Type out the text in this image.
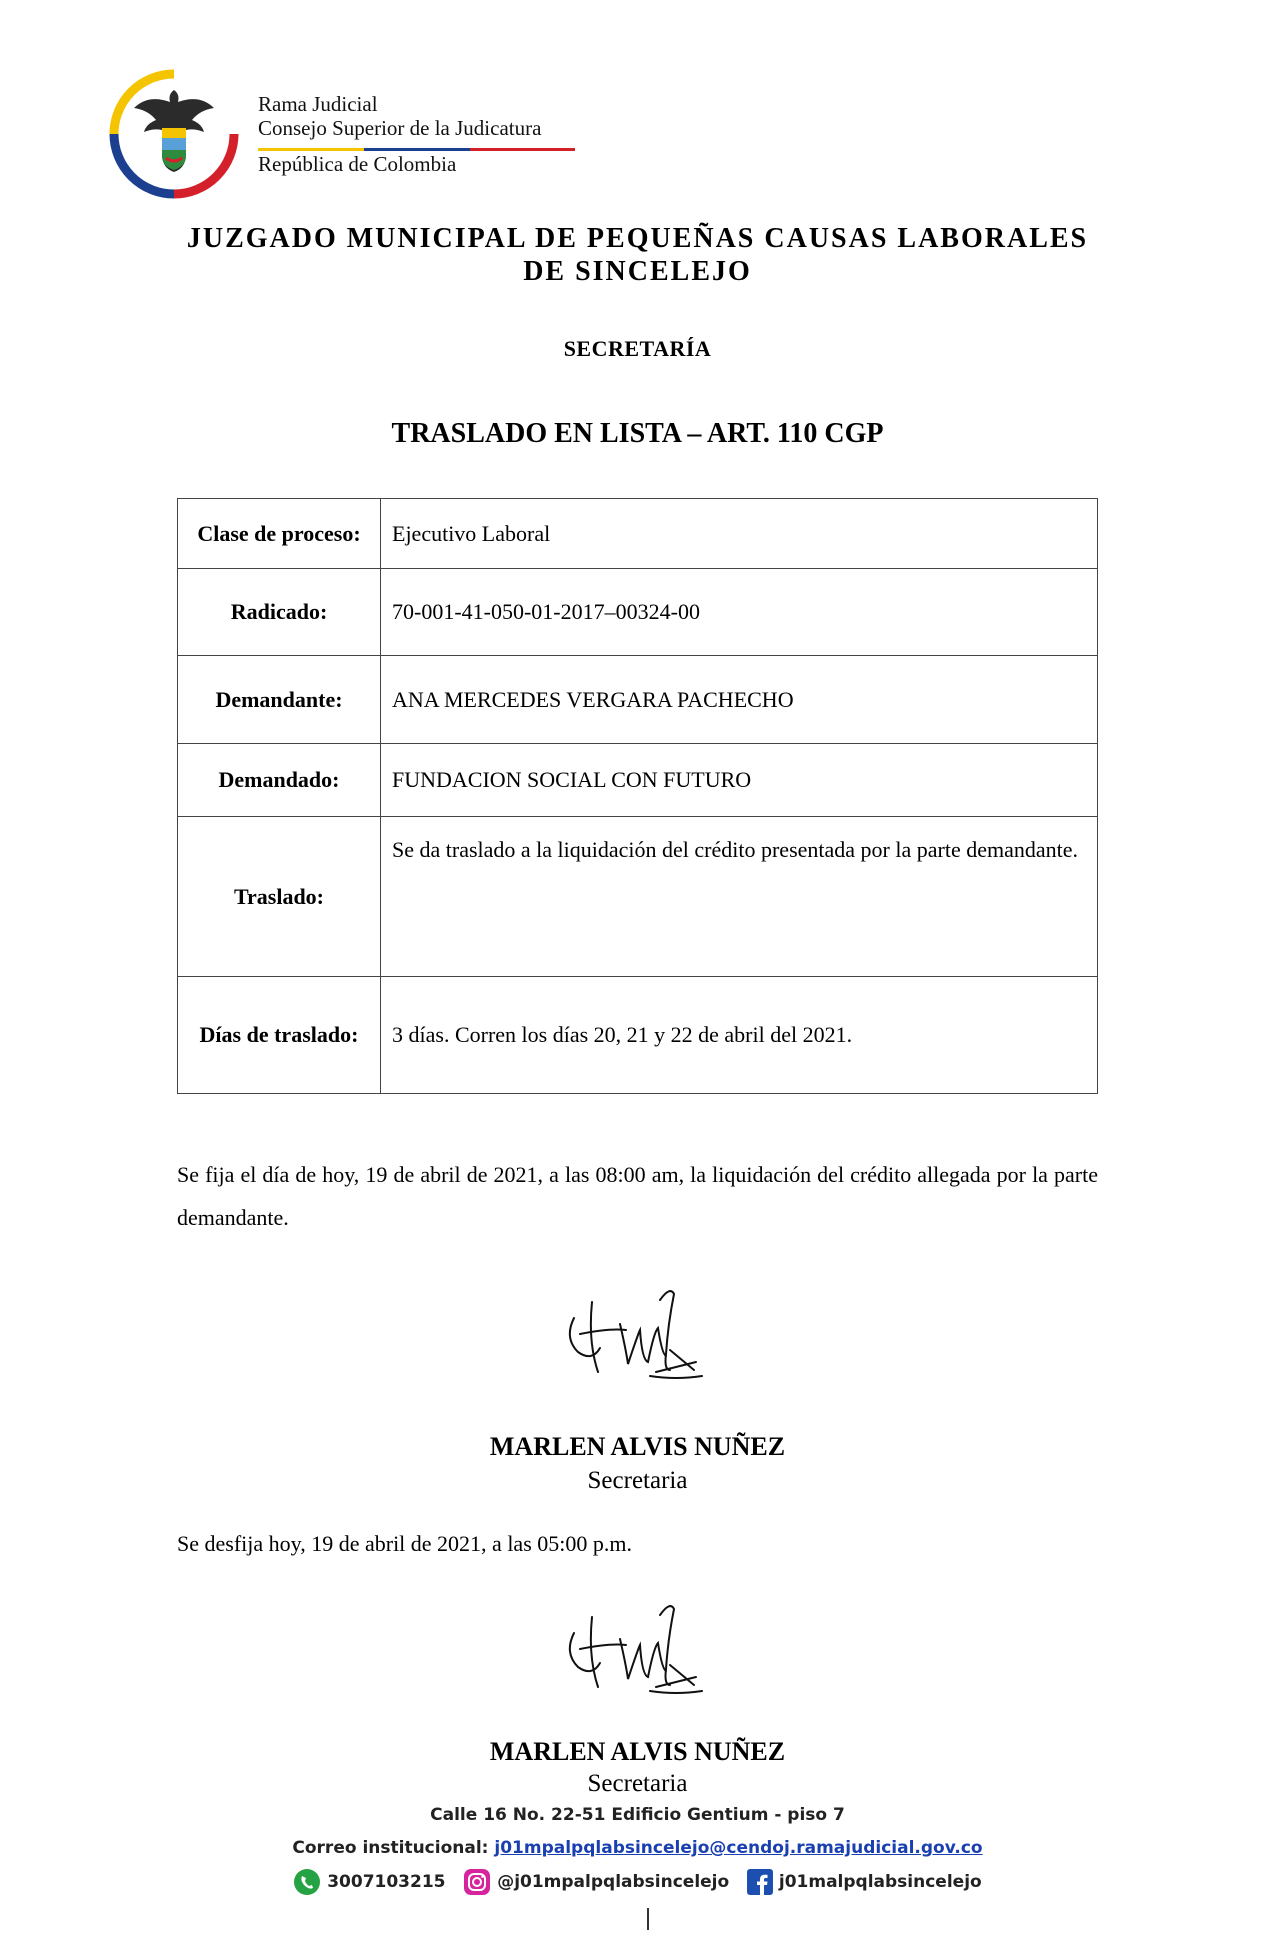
Rama Judicial
Consejo Superior de la Judicatura
República de Colombia
JUZGADO MUNICIPAL DE PEQUEÑAS CAUSAS LABORALES
DE SINCELEJO
SECRETARÍA
TRASLADO EN LISTA – ART. 110 CGP
Clase de proceso:	Ejecutivo Laboral
Radicado:	70-001-41-050-01-2017–00324-00
Demandante:	ANA MERCEDES VERGARA PACHECHO
Demandado:	FUNDACION SOCIAL CON FUTURO
Traslado:	Se da traslado a la liquidación del crédito presentada por la parte demandante.
Días de traslado:	3 días. Corren los días 20, 21 y 22 de abril del 2021.
Se fija el día de hoy, 19 de abril de 2021, a las 08:00 am, la liquidación del crédito allegada por la parte demandante.
MARLEN ALVIS NUÑEZ
Secretaria
Se desfija hoy, 19 de abril de 2021, a las 05:00 p.m.
MARLEN ALVIS NUÑEZ
Secretaria
Calle 16 No. 22-51 Edificio Gentium - piso 7
Correo institucional: j01mpalpqlabsincelejo@cendoj.ramajudicial.gov.co
3007103215	@j01mpalpqlabsincelejo	j01malpqlabsincelejo
